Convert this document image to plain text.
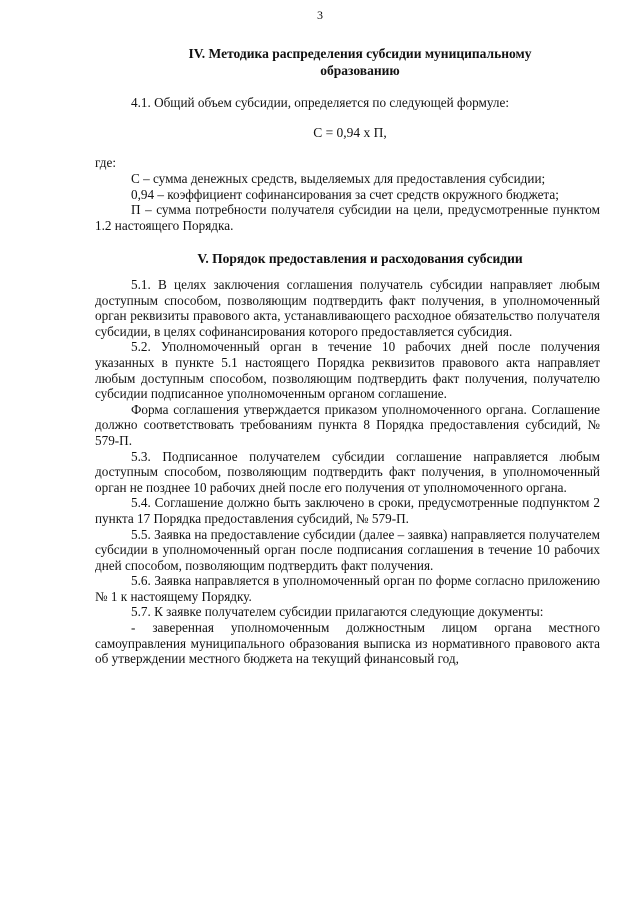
3
IV. Методика распределения субсидии муниципальному
образованию

4.1. Общий объем субсидии, определяется по следующей формуле:

С = 0,94 х П,
где:

С – сумма денежных средств, выделяемых для предоставления субсидии;

0,94 – коэффициент софинансирования за счет средств окружного бюджета;

П – сумма потребности получателя субсидии на цели, предусмотренные пунктом 1.2 настоящего Порядка.

V. Порядок предоставления и расходования субсидии

5.1. В целях заключения соглашения получатель субсидии направляет любым доступным способом, позволяющим подтвердить факт получения, в уполномоченный орган реквизиты правового акта, устанавливающего расходное обязательство получателя субсидии, в целях софинансирования которого предоставляется субсидия.

5.2. Уполномоченный орган в течение 10 рабочих дней после получения указанных в пункте 5.1 настоящего Порядка реквизитов правового акта направляет любым доступным способом, позволяющим подтвердить факт получения, получателю субсидии подписанное уполномоченным органом соглашение.

Форма соглашения утверждается приказом уполномоченного органа. Соглашение должно соответствовать требованиям пункта 8 Порядка предоставления субсидий, № 579-П.

5.3. Подписанное получателем субсидии соглашение направляется любым доступным способом, позволяющим подтвердить факт получения, в уполномоченный орган не позднее 10 рабочих дней после его получения от уполномоченного органа.

5.4. Соглашение должно быть заключено в сроки, предусмотренные подпунктом 2 пункта 17 Порядка предоставления субсидий, № 579-П.

5.5. Заявка на предоставление субсидии (далее – заявка) направляется получателем субсидии в уполномоченный орган после подписания соглашения в течение 10 рабочих дней способом, позволяющим подтвердить факт получения.

5.6. Заявка направляется в уполномоченный орган по форме согласно приложению № 1 к настоящему Порядку.

5.7. К заявке получателем субсидии прилагаются следующие документы:

- заверенная уполномоченным должностным лицом органа местного самоуправления муниципального образования выписка из нормативного правового акта об утверждении местного бюджета на текущий финансовый год,
